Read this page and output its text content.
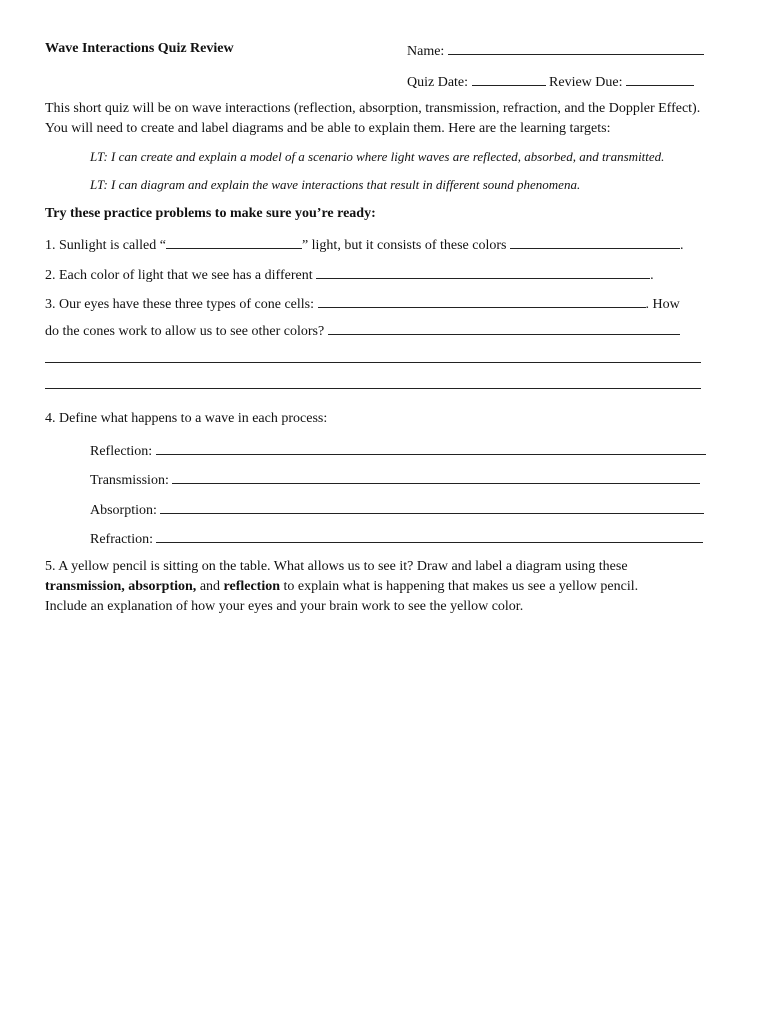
Wave Interactions Quiz Review	Name:
Quiz Date:	Review Due:
This short quiz will be on wave interactions (reflection, absorption, transmission, refraction, and the Doppler Effect). You will need to create and label diagrams and be able to explain them. Here are the learning targets:
LT: I can create and explain a model of a scenario where light waves are reflected, absorbed, and transmitted.
LT: I can diagram and explain the wave interactions that result in different sound phenomena.
Try these practice problems to make sure you’re ready:
1. Sunlight is called “	” light, but it consists of these colors	.
2. Each color of light that we see has a different	.
3. Our eyes have these three types of cone cells:	. How
do the cones work to allow us to see other colors?
4. Define what happens to a wave in each process:
Reflection:
Transmission:
Absorption:
Refraction:
5. A yellow pencil is sitting on the table. What allows us to see it? Draw and label a diagram using these
transmission, absorption, and reflection to explain what is happening that makes us see a yellow pencil.
Include an explanation of how your eyes and your brain work to see the yellow color.
